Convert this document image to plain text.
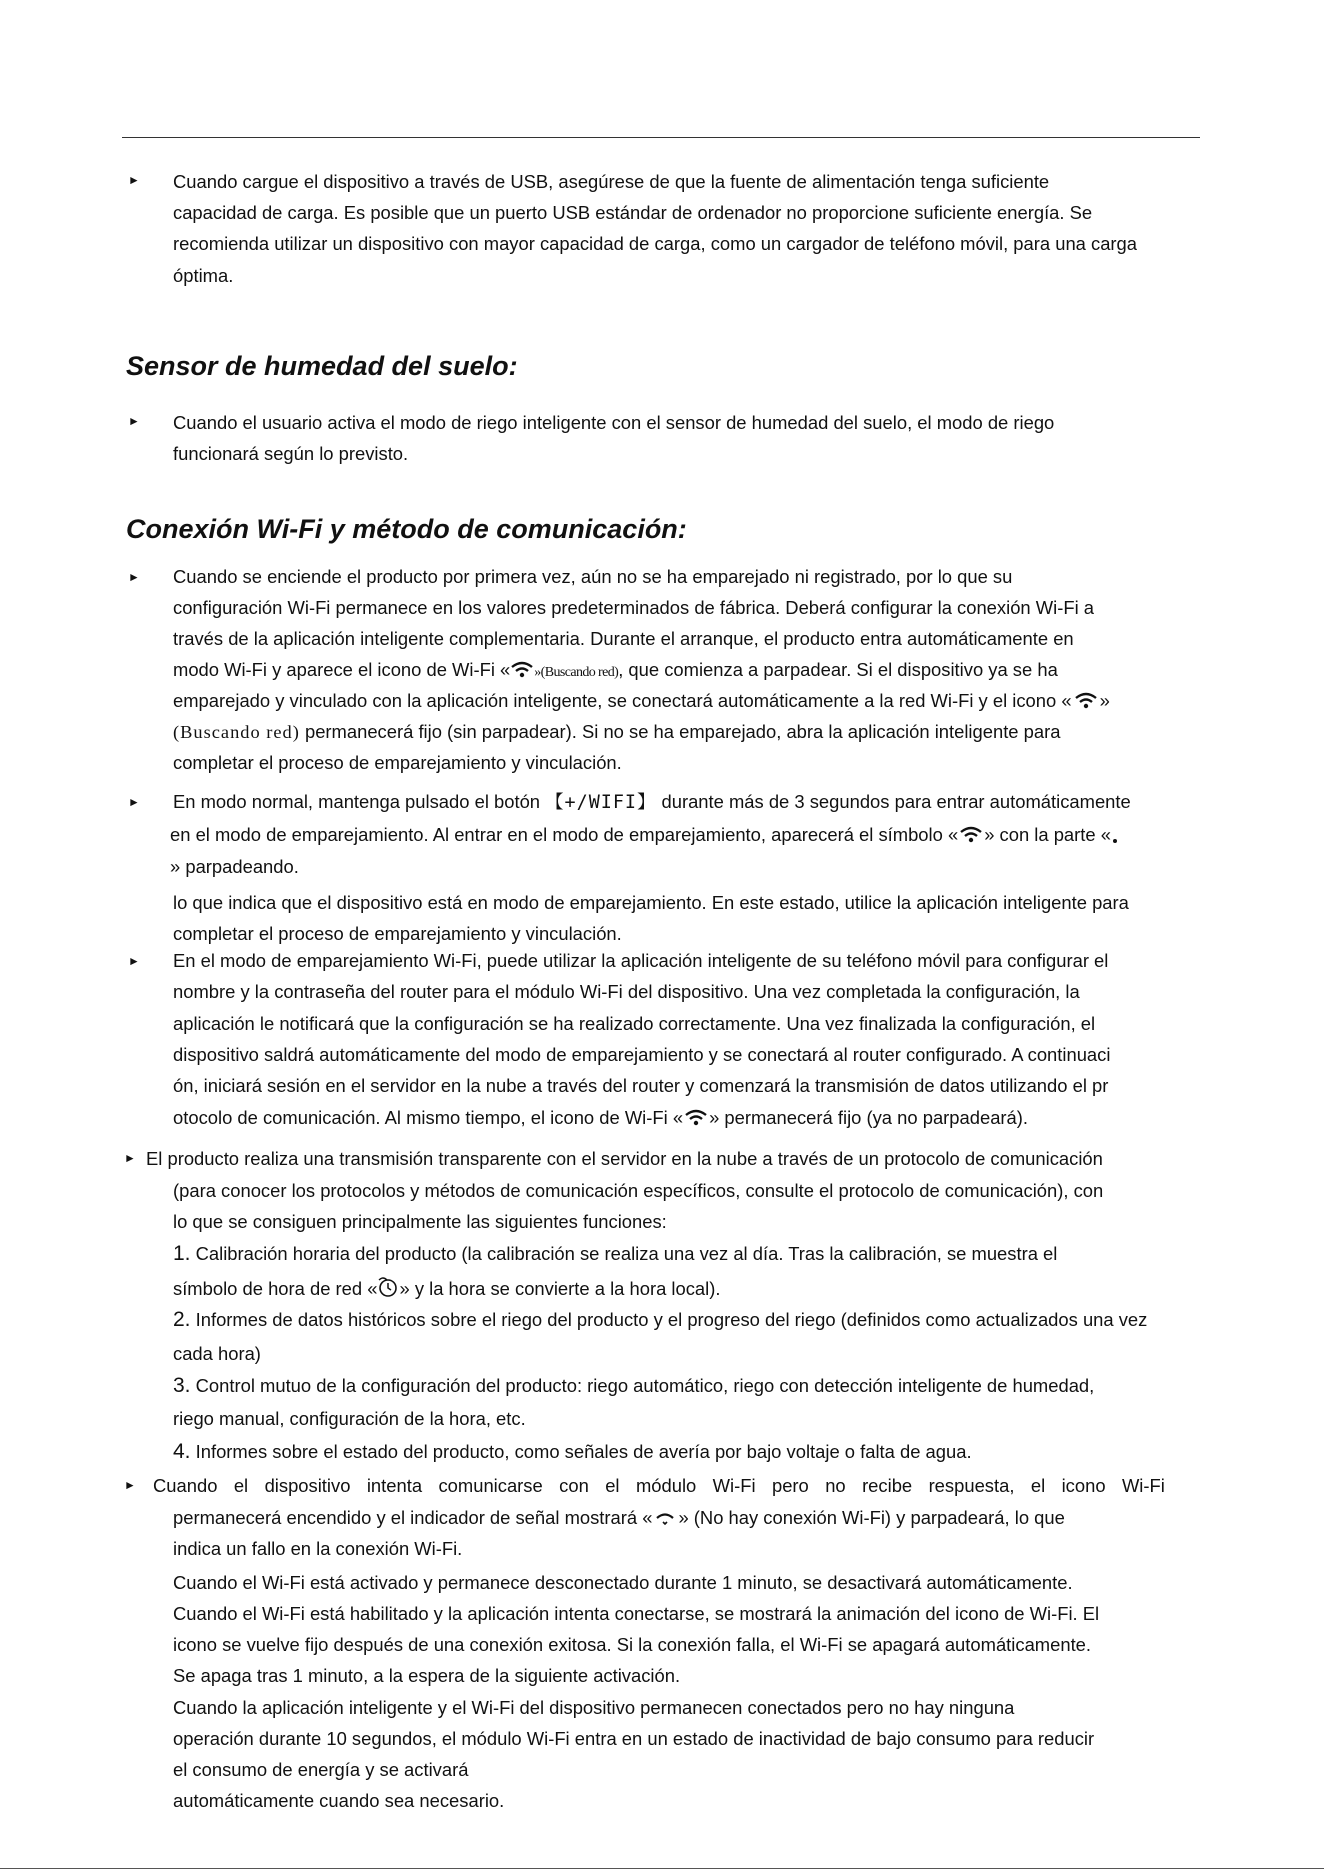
► Cuando cargue el dispositivo a través de USB, asegúrese de que la fuente de alimentación tenga suficiente
capacidad de carga. Es posible que un puerto USB estándar de ordenador no proporcione suficiente energía. Se
recomienda utilizar un dispositivo con mayor capacidad de carga, como un cargador de teléfono móvil, para una carga
óptima.
Sensor de humedad del suelo:
► Cuando el usuario activa el modo de riego inteligente con el sensor de humedad del suelo, el modo de riego
funcionará según lo previsto.
Conexión Wi-Fi y método de comunicación:
► Cuando se enciende el producto por primera vez, aún no se ha emparejado ni registrado, por lo que su
configuración Wi-Fi permanece en los valores predeterminados de fábrica. Deberá configurar la conexión Wi-Fi a
través de la aplicación inteligente complementaria. Durante el arranque, el producto entra automáticamente en
modo Wi-Fi y aparece el icono de Wi-Fi « »(Buscando red), que comienza a parpadear. Si el dispositivo ya se ha
emparejado y vinculado con la aplicación inteligente, se conectará automáticamente a la red Wi-Fi y el icono « »
(Buscando red) permanecerá fijo (sin parpadear). Si no se ha emparejado, abra la aplicación inteligente para
completar el proceso de emparejamiento y vinculación.
► En modo normal, mantenga pulsado el botón 【+/WIFI】 durante más de 3 segundos para entrar automáticamente
en el modo de emparejamiento. Al entrar en el modo de emparejamiento, aparecerá el símbolo « » con la parte «
» parpadeando.
lo que indica que el dispositivo está en modo de emparejamiento. En este estado, utilice la aplicación inteligente para
completar el proceso de emparejamiento y vinculación.
► En el modo de emparejamiento Wi-Fi, puede utilizar la aplicación inteligente de su teléfono móvil para configurar el
nombre y la contraseña del router para el módulo Wi-Fi del dispositivo. Una vez completada la configuración, la
aplicación le notificará que la configuración se ha realizado correctamente. Una vez finalizada la configuración, el
dispositivo saldrá automáticamente del modo de emparejamiento y se conectará al router configurado. A continuaci
ón, iniciará sesión en el servidor en la nube a través del router y comenzará la transmisión de datos utilizando el pr
otocolo de comunicación. Al mismo tiempo, el icono de Wi-Fi « » permanecerá fijo (ya no parpadeará).
► El producto realiza una transmisión transparente con el servidor en la nube a través de un protocolo de comunicación
(para conocer los protocolos y métodos de comunicación específicos, consulte el protocolo de comunicación), con
lo que se consiguen principalmente las siguientes funciones:
1. Calibración horaria del producto (la calibración se realiza una vez al día. Tras la calibración, se muestra el
símbolo de hora de red « » y la hora se convierte a la hora local).
2. Informes de datos históricos sobre el riego del producto y el progreso del riego (definidos como actualizados una vez
cada hora)
3. Control mutuo de la configuración del producto: riego automático, riego con detección inteligente de humedad,
riego manual, configuración de la hora, etc.
4. Informes sobre el estado del producto, como señales de avería por bajo voltaje o falta de agua.
► Cuando el dispositivo intenta comunicarse con el módulo Wi-Fi pero no recibe respuesta, el icono Wi-Fi
permanecerá encendido y el indicador de señal mostrará « » (No hay conexión Wi-Fi) y parpadeará, lo que
indica un fallo en la conexión Wi-Fi.
Cuando el Wi-Fi está activado y permanece desconectado durante 1 minuto, se desactivará automáticamente.
Cuando el Wi-Fi está habilitado y la aplicación intenta conectarse, se mostrará la animación del icono de Wi-Fi. El
icono se vuelve fijo después de una conexión exitosa. Si la conexión falla, el Wi-Fi se apagará automáticamente.
Se apaga tras 1 minuto, a la espera de la siguiente activación.
Cuando la aplicación inteligente y el Wi-Fi del dispositivo permanecen conectados pero no hay ninguna
operación durante 10 segundos, el módulo Wi-Fi entra en un estado de inactividad de bajo consumo para reducir
el consumo de energía y se activará
automáticamente cuando sea necesario.
